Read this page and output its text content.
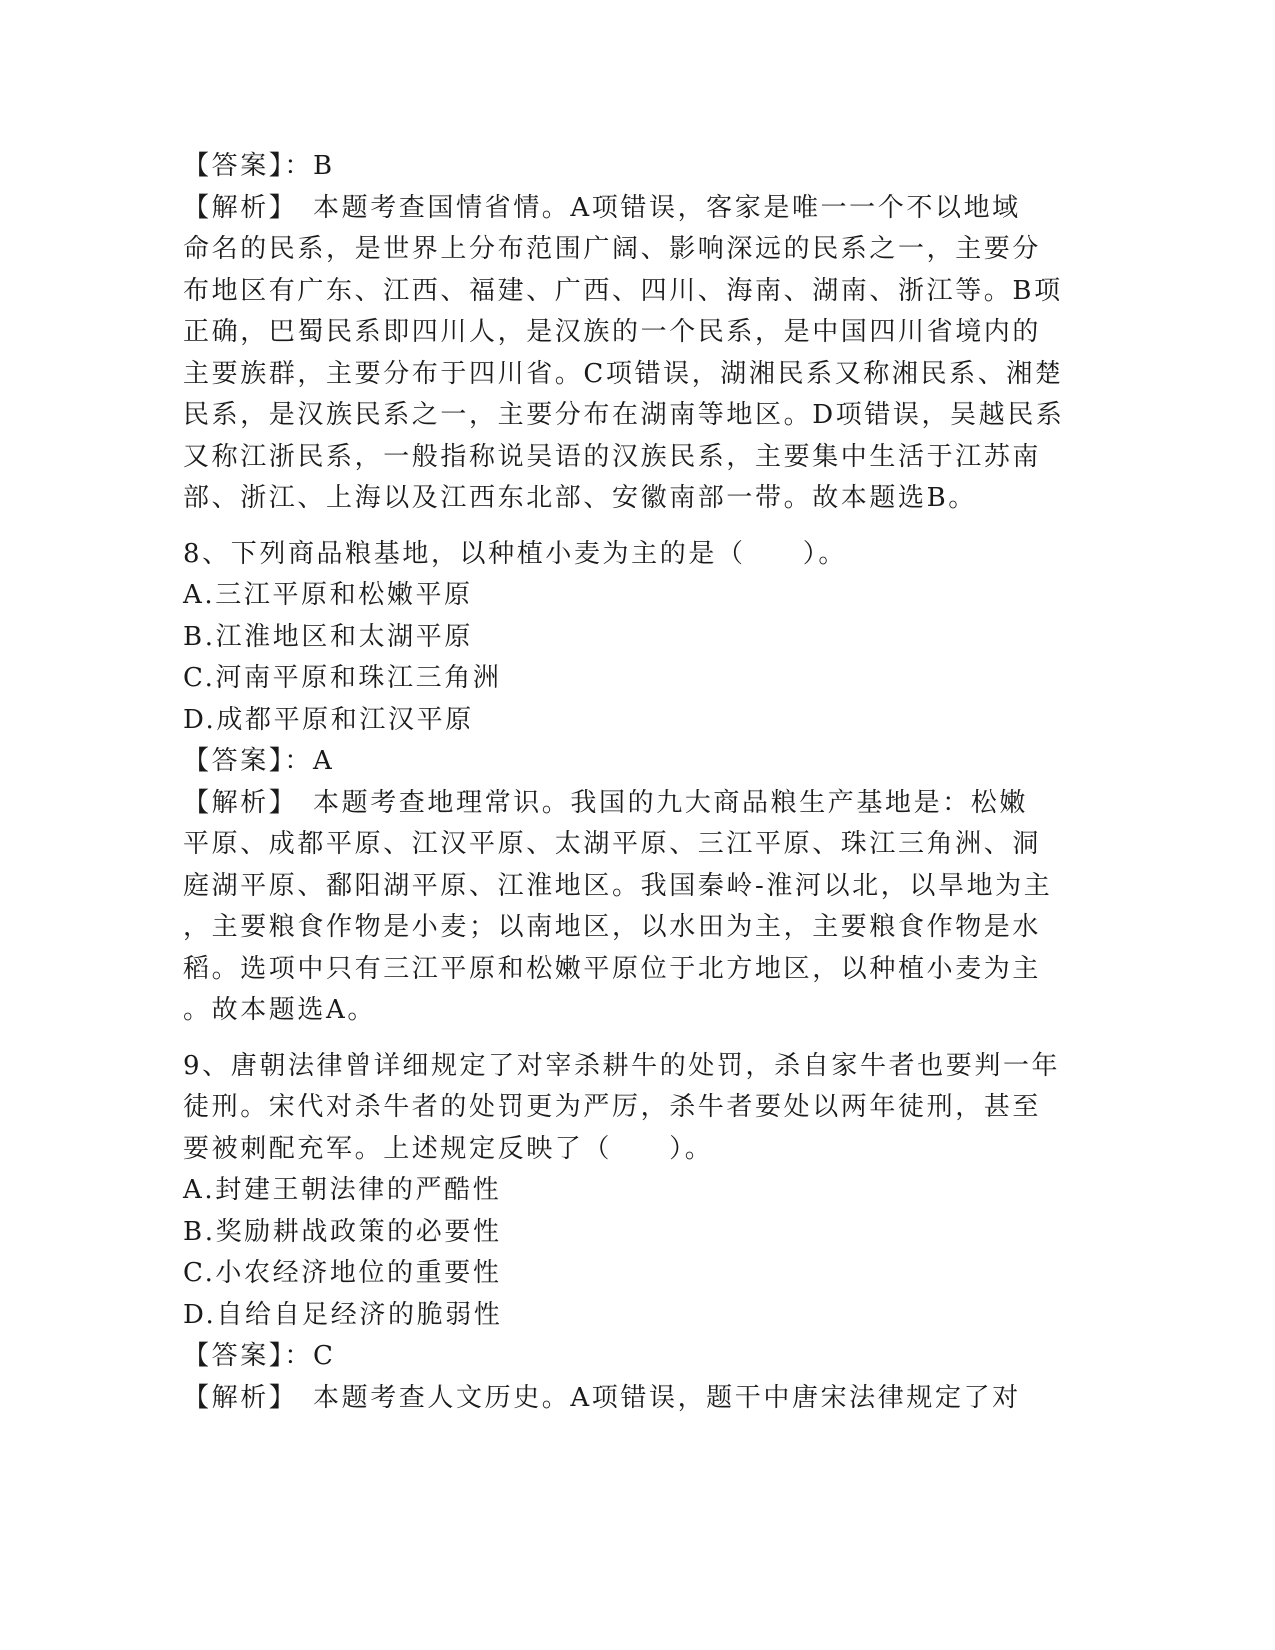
【答案】：B
【解析】　本题考查国情省情。A项错误，客家是唯一一个不以地域
命名的民系，是世界上分布范围广阔、影响深远的民系之一，主要分
布地区有广东、江西、福建、广西、四川、海南、湖南、浙江等。B项
正确，巴蜀民系即四川人，是汉族的一个民系，是中国四川省境内的
主要族群，主要分布于四川省。C项错误，湖湘民系又称湘民系、湘楚
民系，是汉族民系之一，主要分布在湖南等地区。D项错误，吴越民系
又称江浙民系，一般指称说吴语的汉族民系，主要集中生活于江苏南
部、浙江、上海以及江西东北部、安徽南部一带。故本题选B。
8、下列商品粮基地，以种植小麦为主的是（　　）。
A.三江平原和松嫩平原
B.江淮地区和太湖平原
C.河南平原和珠江三角洲
D.成都平原和江汉平原
【答案】：A
【解析】　本题考查地理常识。我国的九大商品粮生产基地是：松嫩
平原、成都平原、江汉平原、太湖平原、三江平原、珠江三角洲、洞
庭湖平原、鄱阳湖平原、江淮地区。我国秦岭-淮河以北，以旱地为主
，主要粮食作物是小麦；以南地区，以水田为主，主要粮食作物是水
稻。选项中只有三江平原和松嫩平原位于北方地区，以种植小麦为主
。故本题选A。
9、唐朝法律曾详细规定了对宰杀耕牛的处罚，杀自家牛者也要判一年
徒刑。宋代对杀牛者的处罚更为严厉，杀牛者要处以两年徒刑，甚至
要被刺配充军。上述规定反映了（　　）。
A.封建王朝法律的严酷性
B.奖励耕战政策的必要性
C.小农经济地位的重要性
D.自给自足经济的脆弱性
【答案】：C
【解析】　本题考查人文历史。A项错误，题干中唐宋法律规定了对
